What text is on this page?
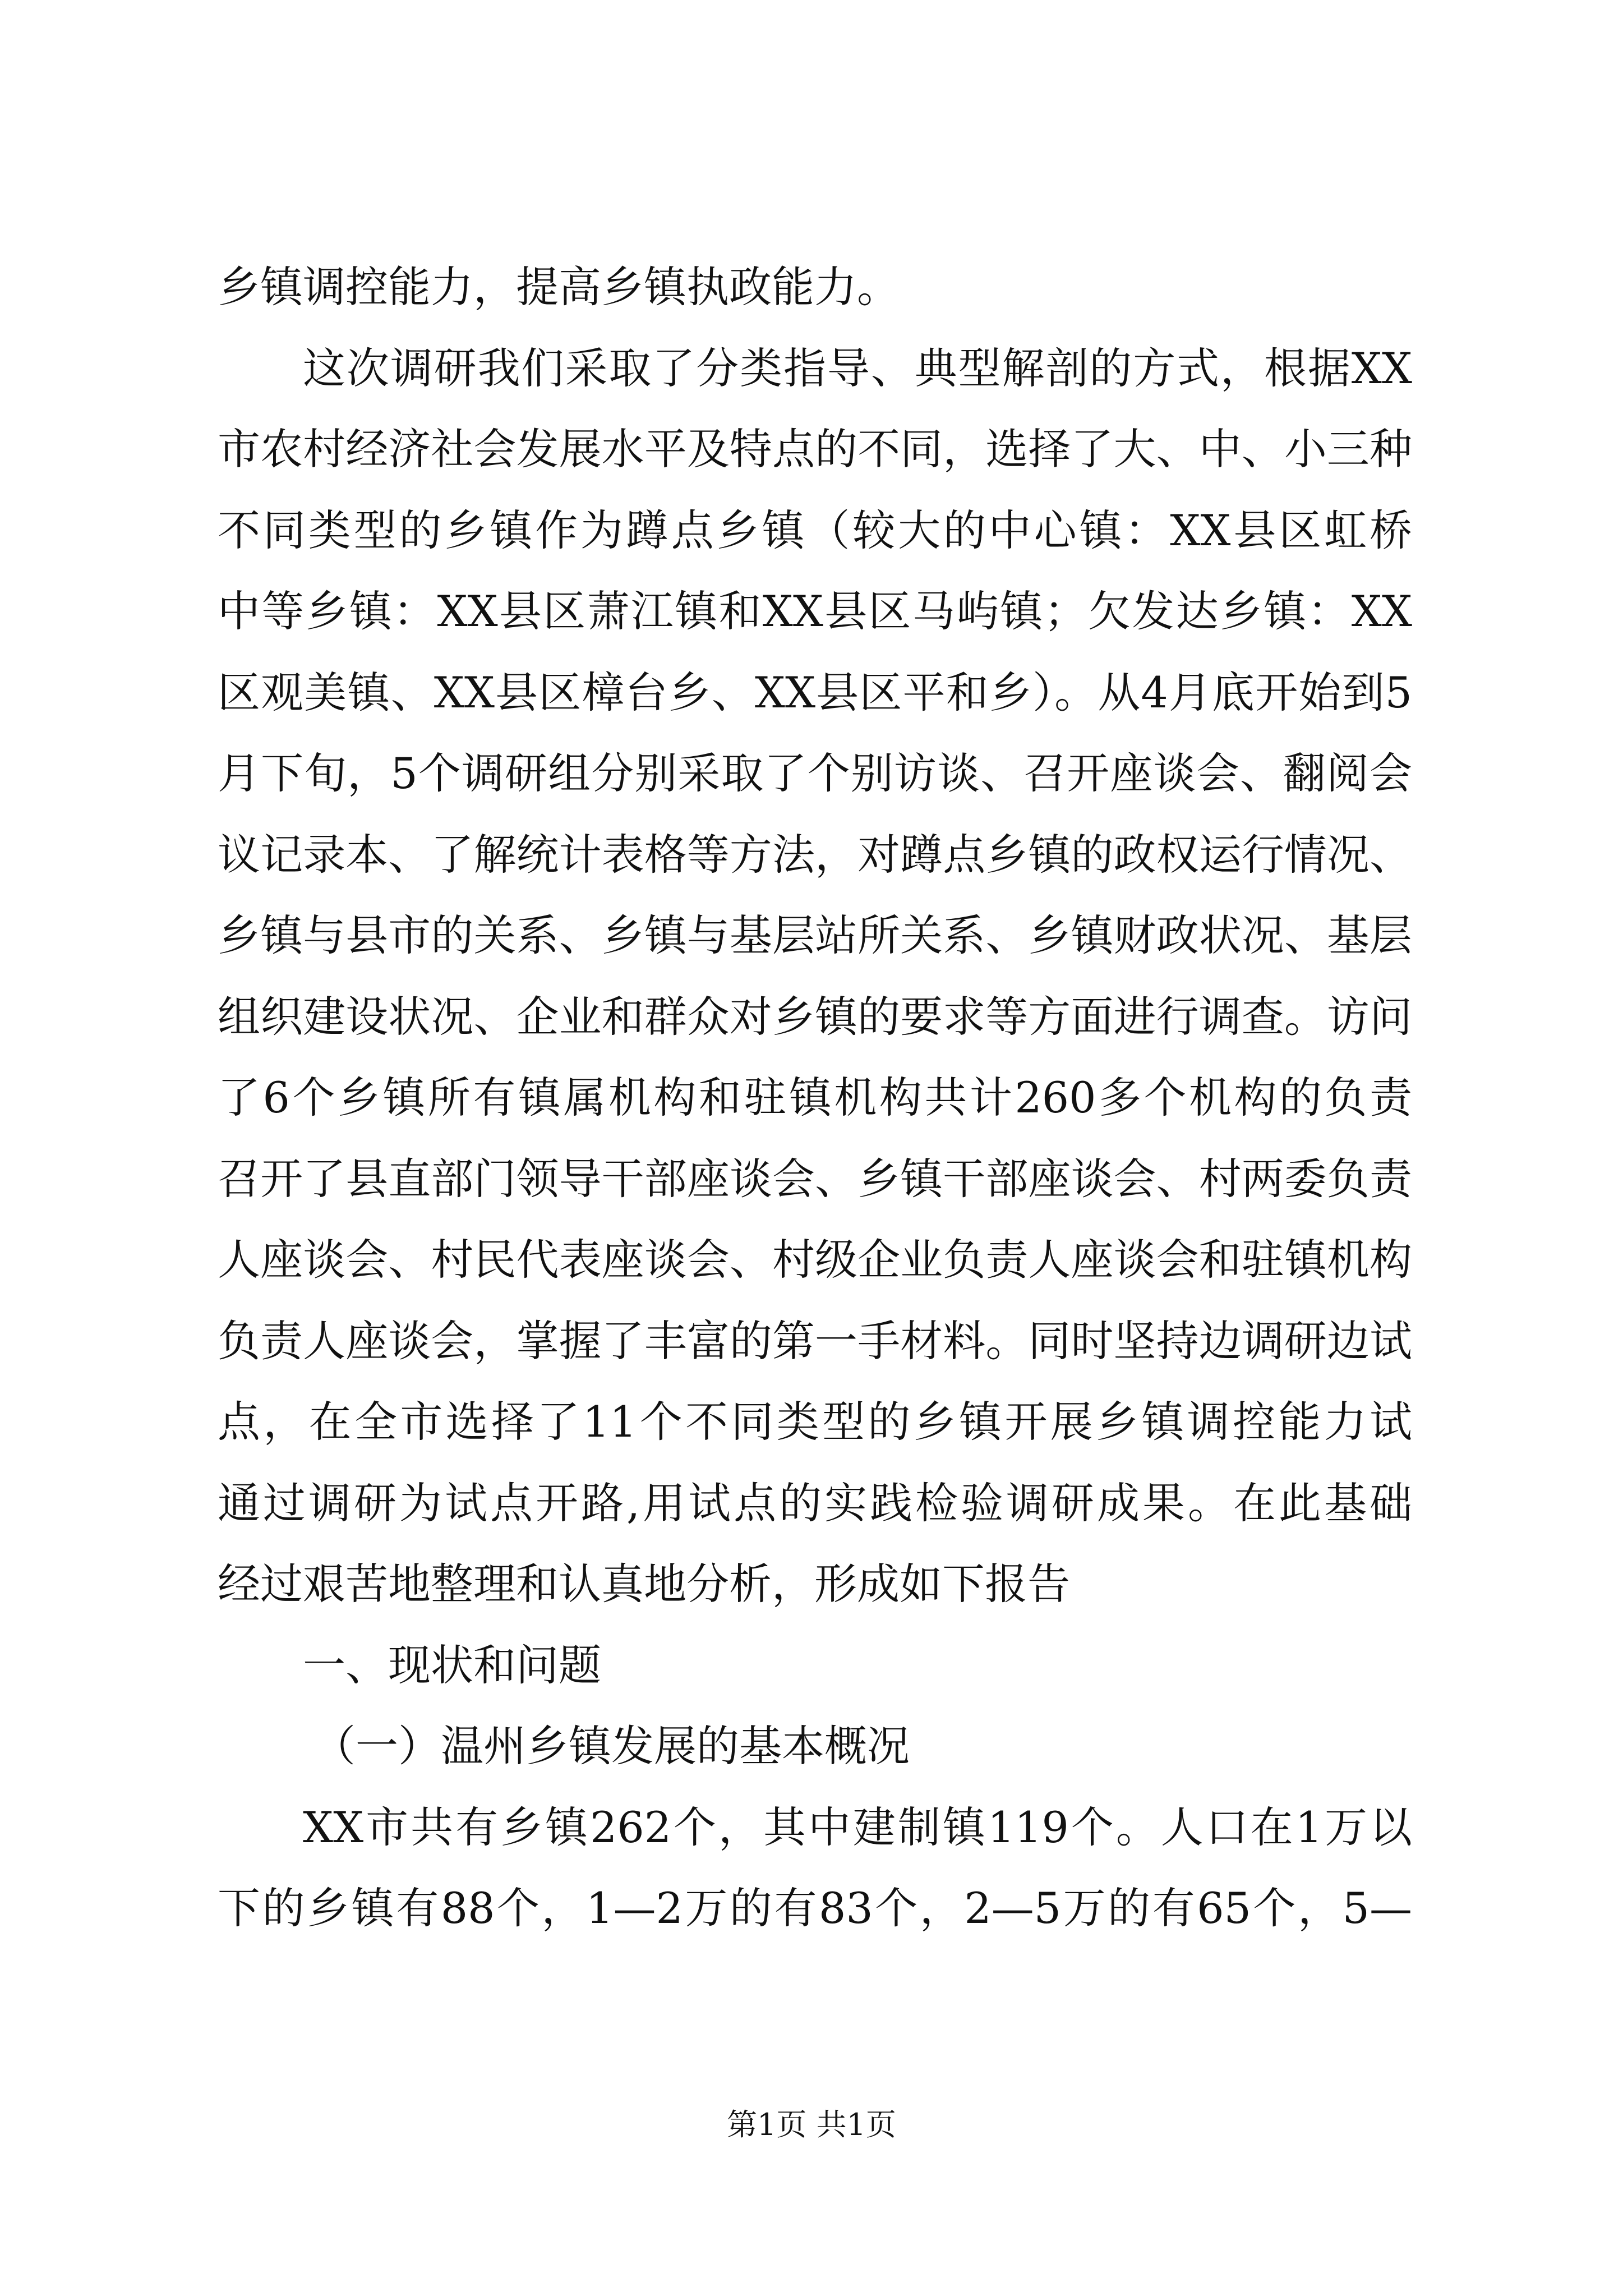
乡镇调控能力，提高乡镇执政能力。
这次调研我们采取了分类指导、典型解剖的方式，根据XX
市农村经济社会发展水平及特点的不同，选择了大、中、小三种
不同类型的乡镇作为蹲点乡镇（较大的中心镇：XX县区虹桥
中等乡镇：XX县区萧江镇和XX县区马屿镇；欠发达乡镇：XX
区观美镇、XX县区樟台乡、XX县区平和乡）。从4月底开始到5
月下旬，5个调研组分别采取了个别访谈、召开座谈会、翻阅会
议记录本、了解统计表格等方法，对蹲点乡镇的政权运行情况、
乡镇与县市的关系、乡镇与基层站所关系、乡镇财政状况、基层
组织建设状况、企业和群众对乡镇的要求等方面进行调查。访问
了6个乡镇所有镇属机构和驻镇机构共计260多个机构的负责
召开了县直部门领导干部座谈会、乡镇干部座谈会、村两委负责
人座谈会、村民代表座谈会、村级企业负责人座谈会和驻镇机构
负责人座谈会，掌握了丰富的第一手材料。同时坚持边调研边试
点，在全市选择了11个不同类型的乡镇开展乡镇调控能力试
通过调研为试点开路,用试点的实践检验调研成果。在此基础
经过艰苦地整理和认真地分析，形成如下报告
一、现状和问题
（一）温州乡镇发展的基本概况
XX市共有乡镇262个，其中建制镇119个。人口在1万以
下的乡镇有88个，1—2万的有83个，2—5万的有65个，5—
第1页 共1页
